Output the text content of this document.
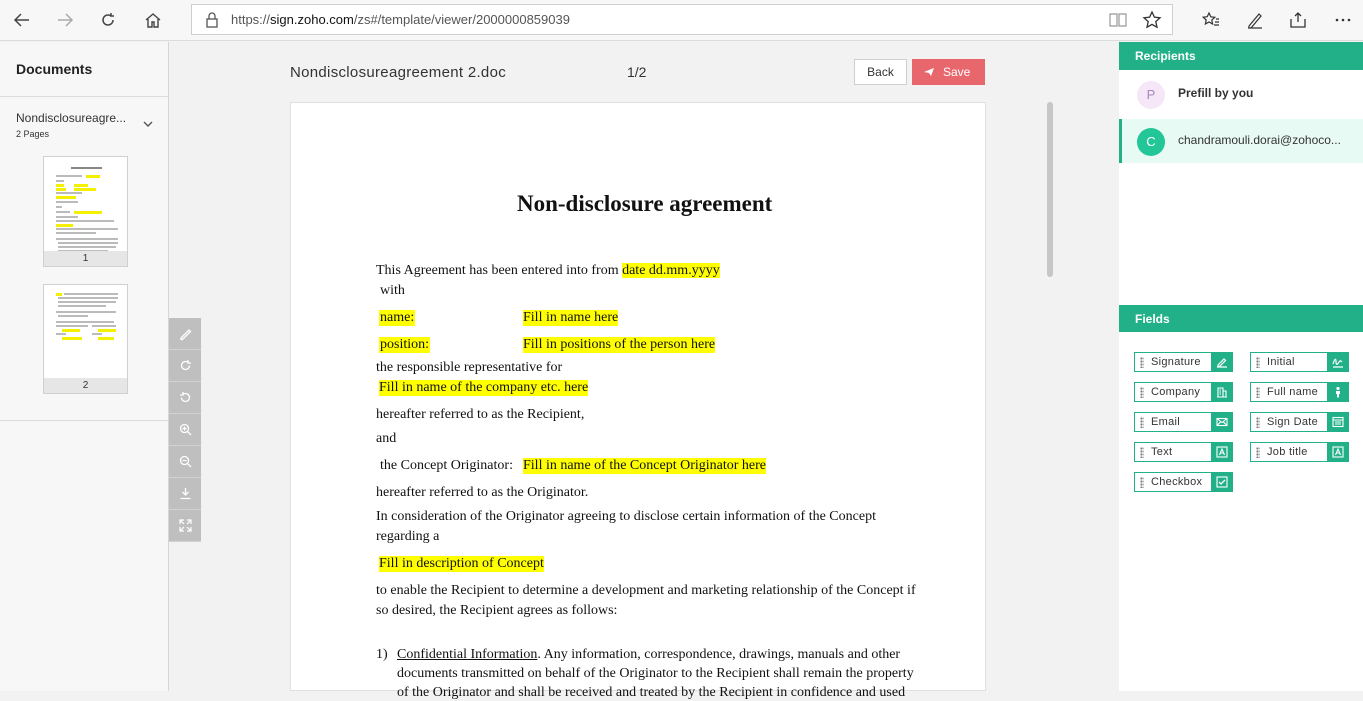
https://sign.zoho.com/zs#/template/viewer/2000000859039
Documents
Nondisclosureagre...
2 Pages
1
2
Nondisclosureagreement 2.doc	1/2	Back	Save
Non-disclosure agreement
This Agreement has been entered into from date dd.mm.yyyy
with
name:	Fill in name here
position:	Fill in positions of the person here
the responsible representative for
Fill in name of the company etc. here
hereafter referred to as the Recipient,
and
the Concept Originator: Fill in name of the Concept Originator here
hereafter referred to as the Originator.
In consideration of the Originator agreeing to disclose certain information of the Concept
regarding a
Fill in description of Concept
to enable the Recipient to determine a development and marketing relationship of the Concept if
so desired, the Recipient agrees as follows:
1) Confidential Information. Any information, correspondence, drawings, manuals and other
documents transmitted on behalf of the Originator to the Recipient shall remain the property
of the Originator and shall be received and treated by the Recipient in confidence and used
Recipients
P	Prefill by you
C	chandramouli.dorai@zohoco...
Fields
Signature	Initial
Company	Full name
Email	Sign Date
Text	Job title
Checkbox
